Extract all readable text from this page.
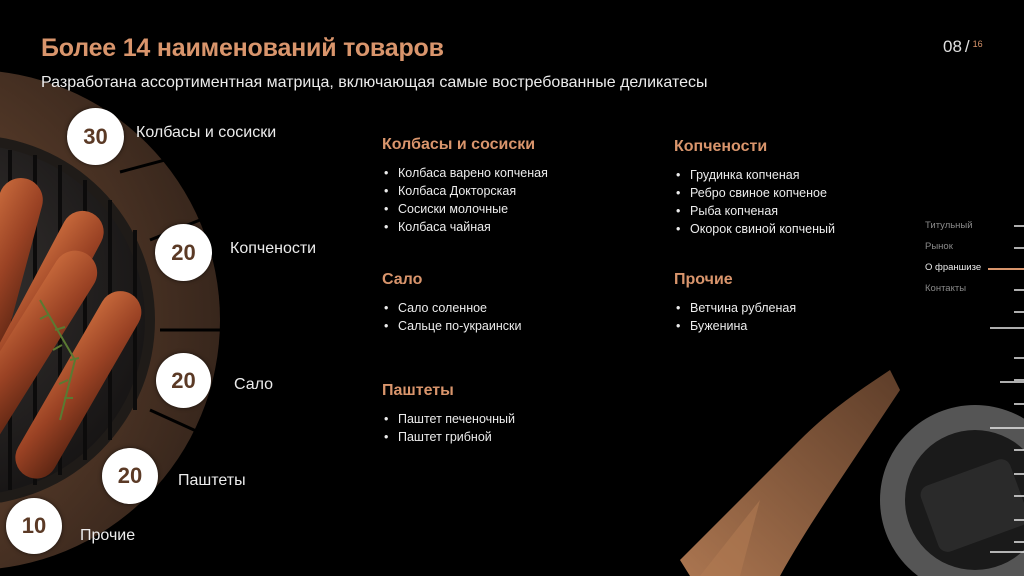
Более 14 наименований товаров

Разработана ассортиментная матрица, включающая самые востребованные деликатесы

08 / $^{16}$
30	Колбасы и сосиски
20	Копчености
20	Сало
20	Паштеты
10	Прочие
Колбасы и сосиски
• Колбаса варено копченая
• Колбаса Докторская
• Сосиски молочные
• Колбаса чайная
Копчености
• Грудинка копченая
• Ребро свиное копченое
• Рыба копченая
• Окорок свиной копченый
Сало
• Сало соленное
• Сальце по-украински
Прочие
• Ветчина рубленая
• Буженина
Паштеты
• Паштет печеночный
• Паштет грибной
Титульный
Рынок
О франшизе
Контакты
